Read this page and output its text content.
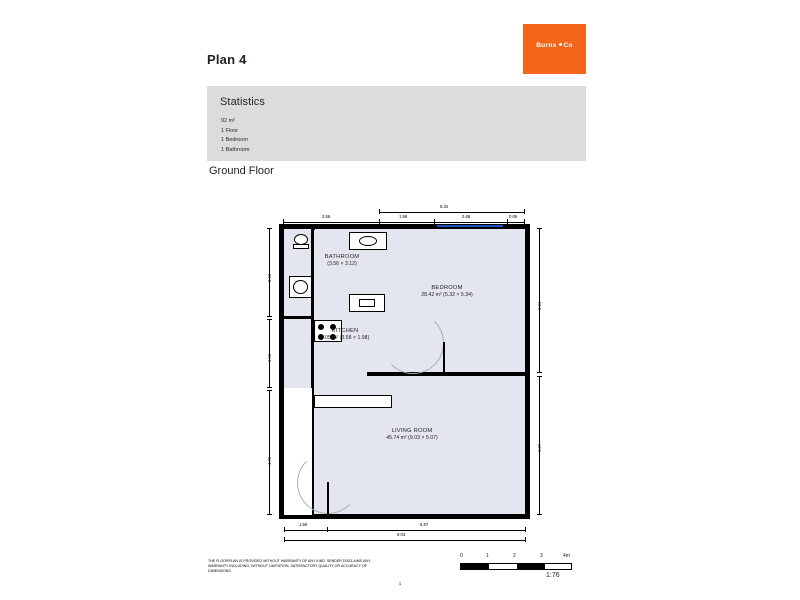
Plan 4
Burns Co
Statistics
92 m²
1 Floor
1 Bedroom
1 Bathroom
Ground Floor
5.32
3.56	1.99	2.68	0.65
BATHROOM
(3.56 × 3.12)
BEDROOM
28.42 m² (5.32 × 5.34)
KITCHEN
7.05 m² (3.58 × 1.98)
LIVING ROOM
45.74 m² (9.03 × 5.07)
5.34
5.07
3.12
1.98
4.75
1.59	6.97
9.03
THE FLOORPLAN IS PROVIDED WITHOUT WARRANTY OF ANY KIND. SENDER DISCLAIMS ANY WARRANTY INCLUDING, WITHOUT LIMITATION, SATISFACTORY QUALITY OR ACCURACY OF DIMENSIONS.
1
0	1	2	3	4m
1:76
